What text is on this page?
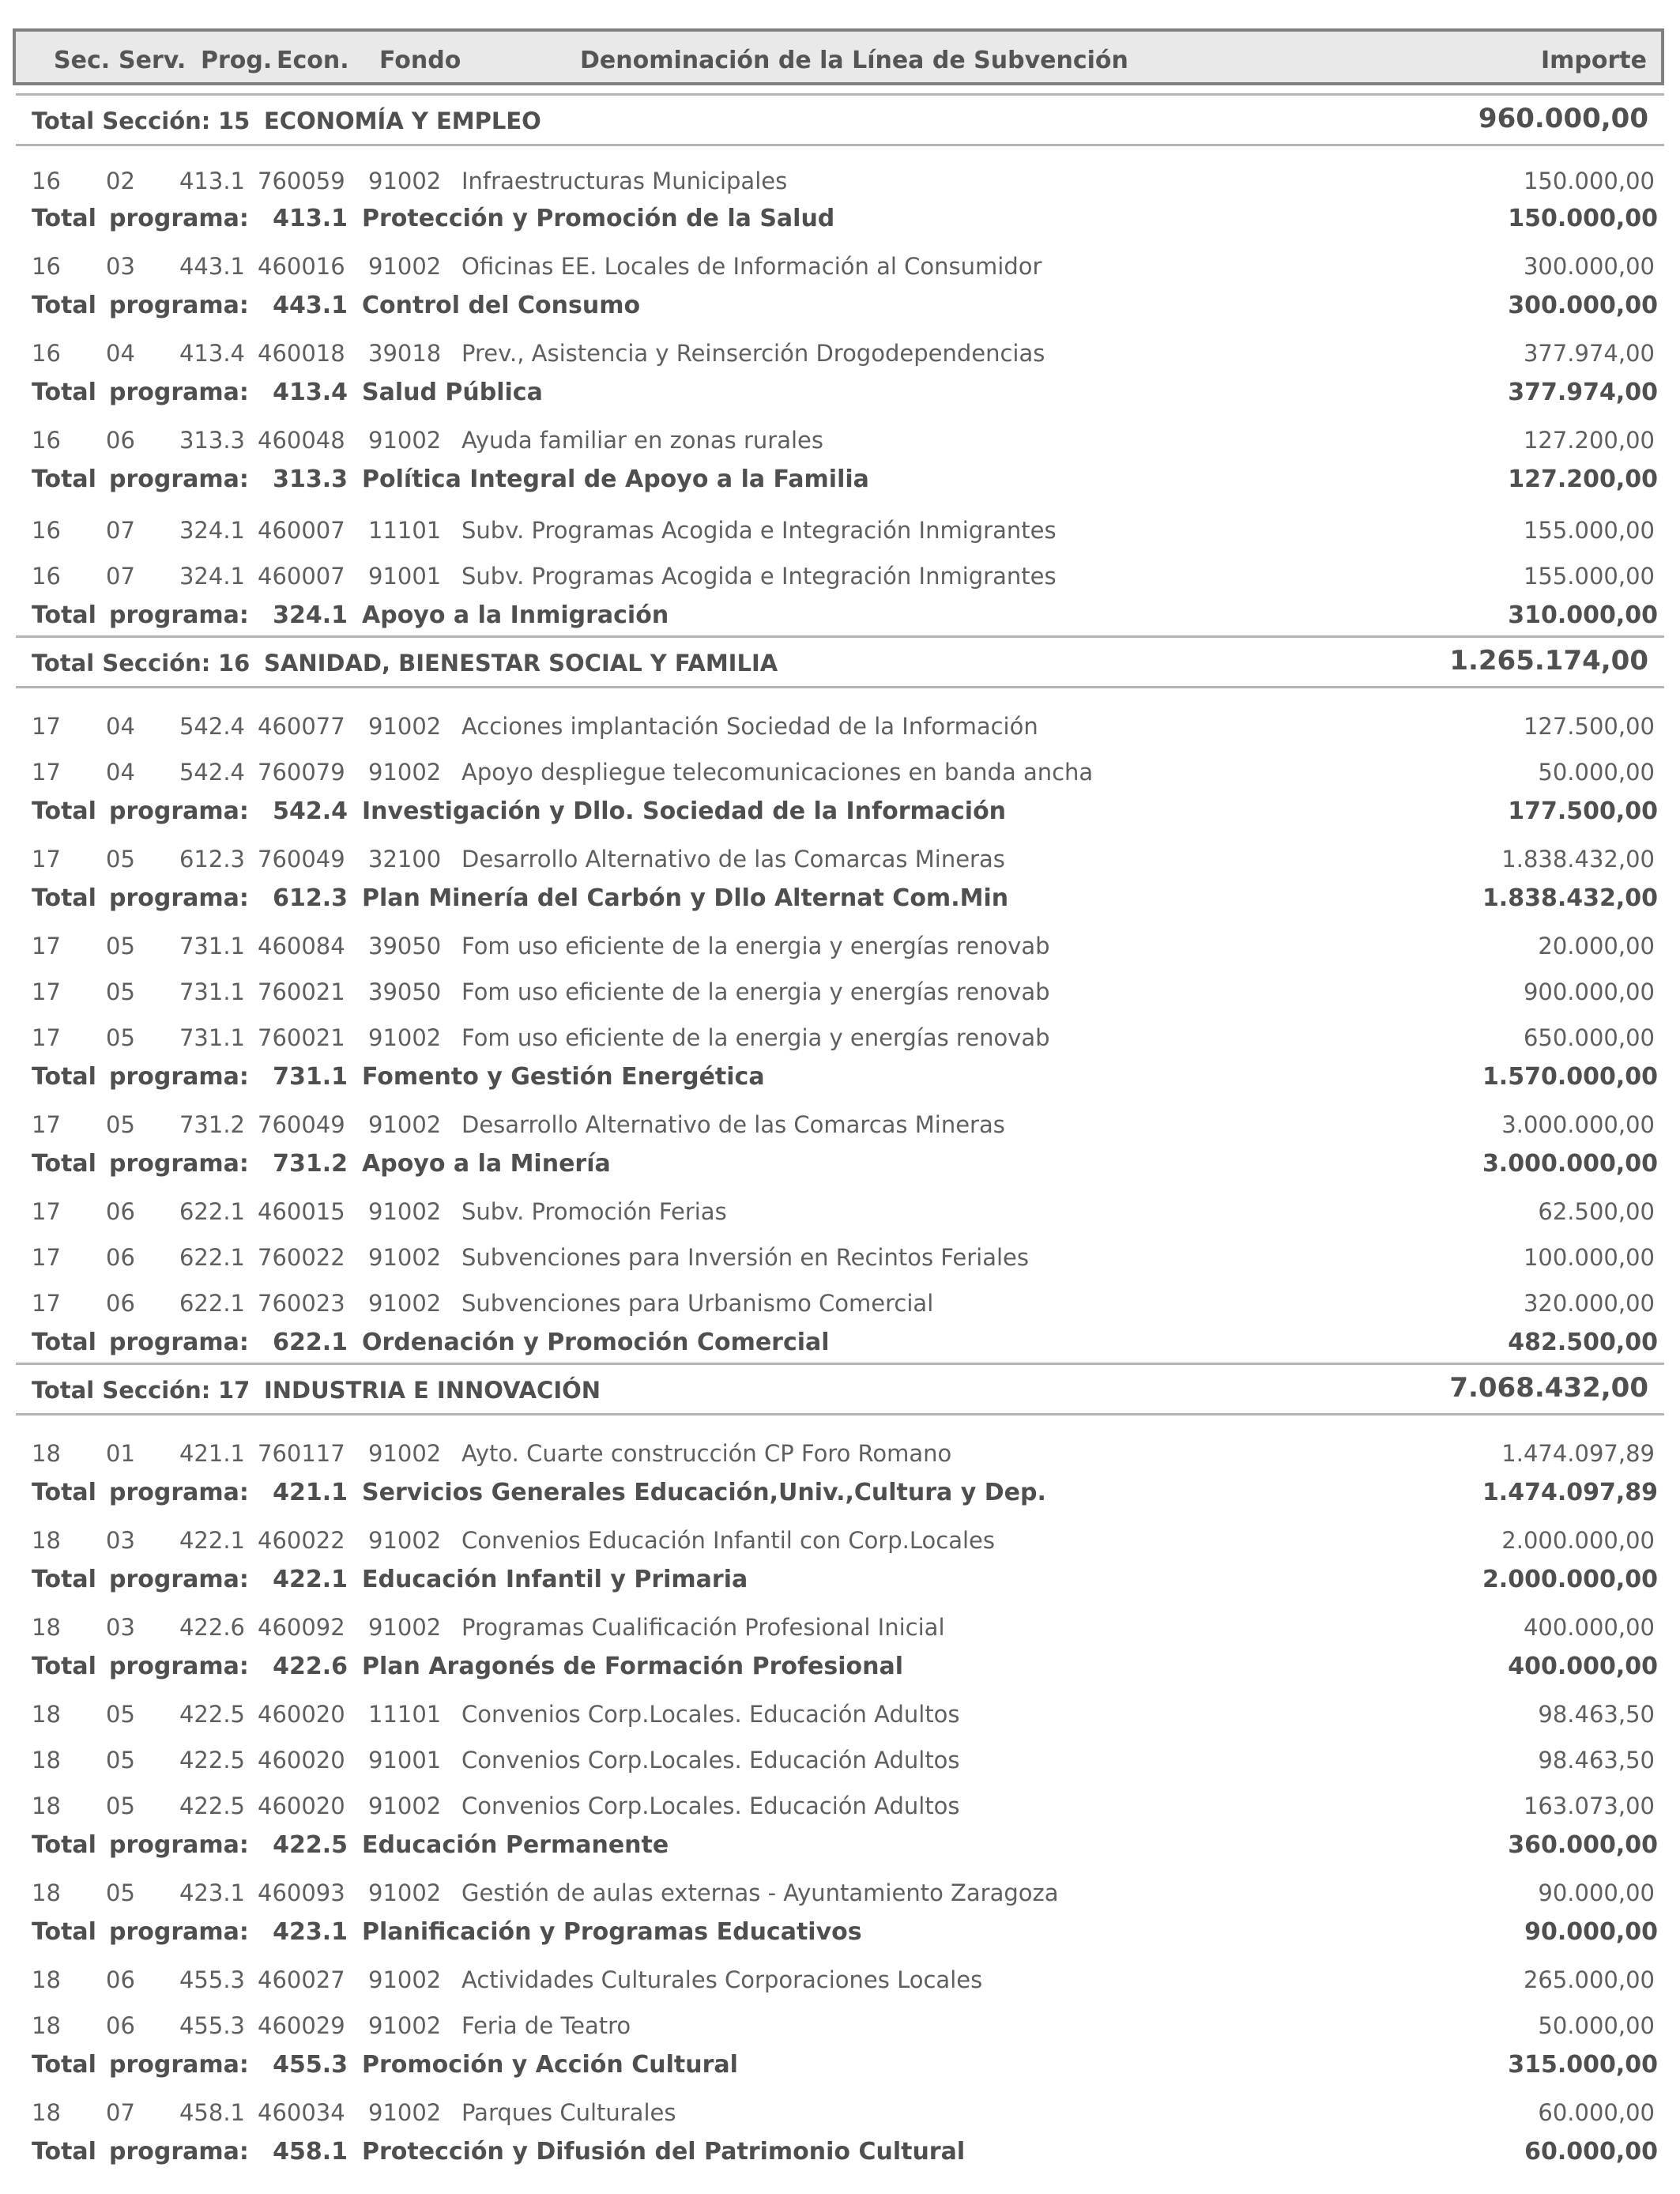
Sec. Serv. Prog. Econ. Fondo	Denominación de la Línea de Subvención	Importe
Total Sección: 15 ECONOMÍA Y EMPLEO	960.000,00
16	02	413.1 760059	91002 Infraestructuras Municipales	150.000,00
Total programa:	413.1 Protección y Promoción de la Salud	150.000,00
16	03	443.1 460016	91002 Oficinas EE. Locales de Información al Consumidor	300.000,00
Total programa:	443.1 Control del Consumo	300.000,00
16	04	413.4 460018	39018 Prev., Asistencia y Reinserción Drogodependencias	377.974,00
Total programa:	413.4 Salud Pública	377.974,00
16	06	313.3 460048	91002 Ayuda familiar en zonas rurales	127.200,00
Total programa:	313.3 Política Integral de Apoyo a la Familia	127.200,00
16	07	324.1 460007	11101 Subv. Programas Acogida e Integración Inmigrantes	155.000,00
16	07	324.1 460007	91001 Subv. Programas Acogida e Integración Inmigrantes	155.000,00
Total programa:	324.1 Apoyo a la Inmigración	310.000,00
Total Sección: 16 SANIDAD, BIENESTAR SOCIAL Y FAMILIA	1.265.174,00
17	04	542.4 460077	91002 Acciones implantación Sociedad de la Información	127.500,00
17	04	542.4 760079	91002 Apoyo despliegue telecomunicaciones en banda ancha	50.000,00
Total programa:	542.4 Investigación y Dllo. Sociedad de la Información	177.500,00
17	05	612.3 760049	32100 Desarrollo Alternativo de las Comarcas Mineras	1.838.432,00
Total programa:	612.3 Plan Minería del Carbón y Dllo Alternat Com.Min	1.838.432,00
17	05	731.1 460084	39050 Fom uso eficiente de la energia y energías renovab	20.000,00
17	05	731.1 760021	39050 Fom uso eficiente de la energia y energías renovab	900.000,00
17	05	731.1 760021	91002 Fom uso eficiente de la energia y energías renovab	650.000,00
Total programa:	731.1 Fomento y Gestión Energética	1.570.000,00
17	05	731.2 760049	91002 Desarrollo Alternativo de las Comarcas Mineras	3.000.000,00
Total programa:	731.2 Apoyo a la Minería	3.000.000,00
17	06	622.1 460015	91002 Subv. Promoción Ferias	62.500,00
17	06	622.1 760022	91002 Subvenciones para Inversión en Recintos Feriales	100.000,00
17	06	622.1 760023	91002 Subvenciones para Urbanismo Comercial	320.000,00
Total programa:	622.1 Ordenación y Promoción Comercial	482.500,00
Total Sección: 17 INDUSTRIA E INNOVACIÓN	7.068.432,00
18	01	421.1 760117	91002 Ayto. Cuarte construcción CP Foro Romano	1.474.097,89
Total programa:	421.1 Servicios Generales Educación,Univ.,Cultura y Dep.	1.474.097,89
18	03	422.1 460022	91002 Convenios Educación Infantil con Corp.Locales	2.000.000,00
Total programa:	422.1 Educación Infantil y Primaria	2.000.000,00
18	03	422.6 460092	91002 Programas Cualificación Profesional Inicial	400.000,00
Total programa:	422.6 Plan Aragonés de Formación Profesional	400.000,00
18	05	422.5 460020	11101 Convenios Corp.Locales. Educación Adultos	98.463,50
18	05	422.5 460020	91001 Convenios Corp.Locales. Educación Adultos	98.463,50
18	05	422.5 460020	91002 Convenios Corp.Locales. Educación Adultos	163.073,00
Total programa:	422.5 Educación Permanente	360.000,00
18	05	423.1 460093	91002 Gestión de aulas externas - Ayuntamiento Zaragoza	90.000,00
Total programa:	423.1 Planificación y Programas Educativos	90.000,00
18	06	455.3 460027	91002 Actividades Culturales Corporaciones Locales	265.000,00
18	06	455.3 460029	91002 Feria de Teatro	50.000,00
Total programa:	455.3 Promoción y Acción Cultural	315.000,00
18	07	458.1 460034	91002 Parques Culturales	60.000,00
Total programa:	458.1 Protección y Difusión del Patrimonio Cultural	60.000,00
